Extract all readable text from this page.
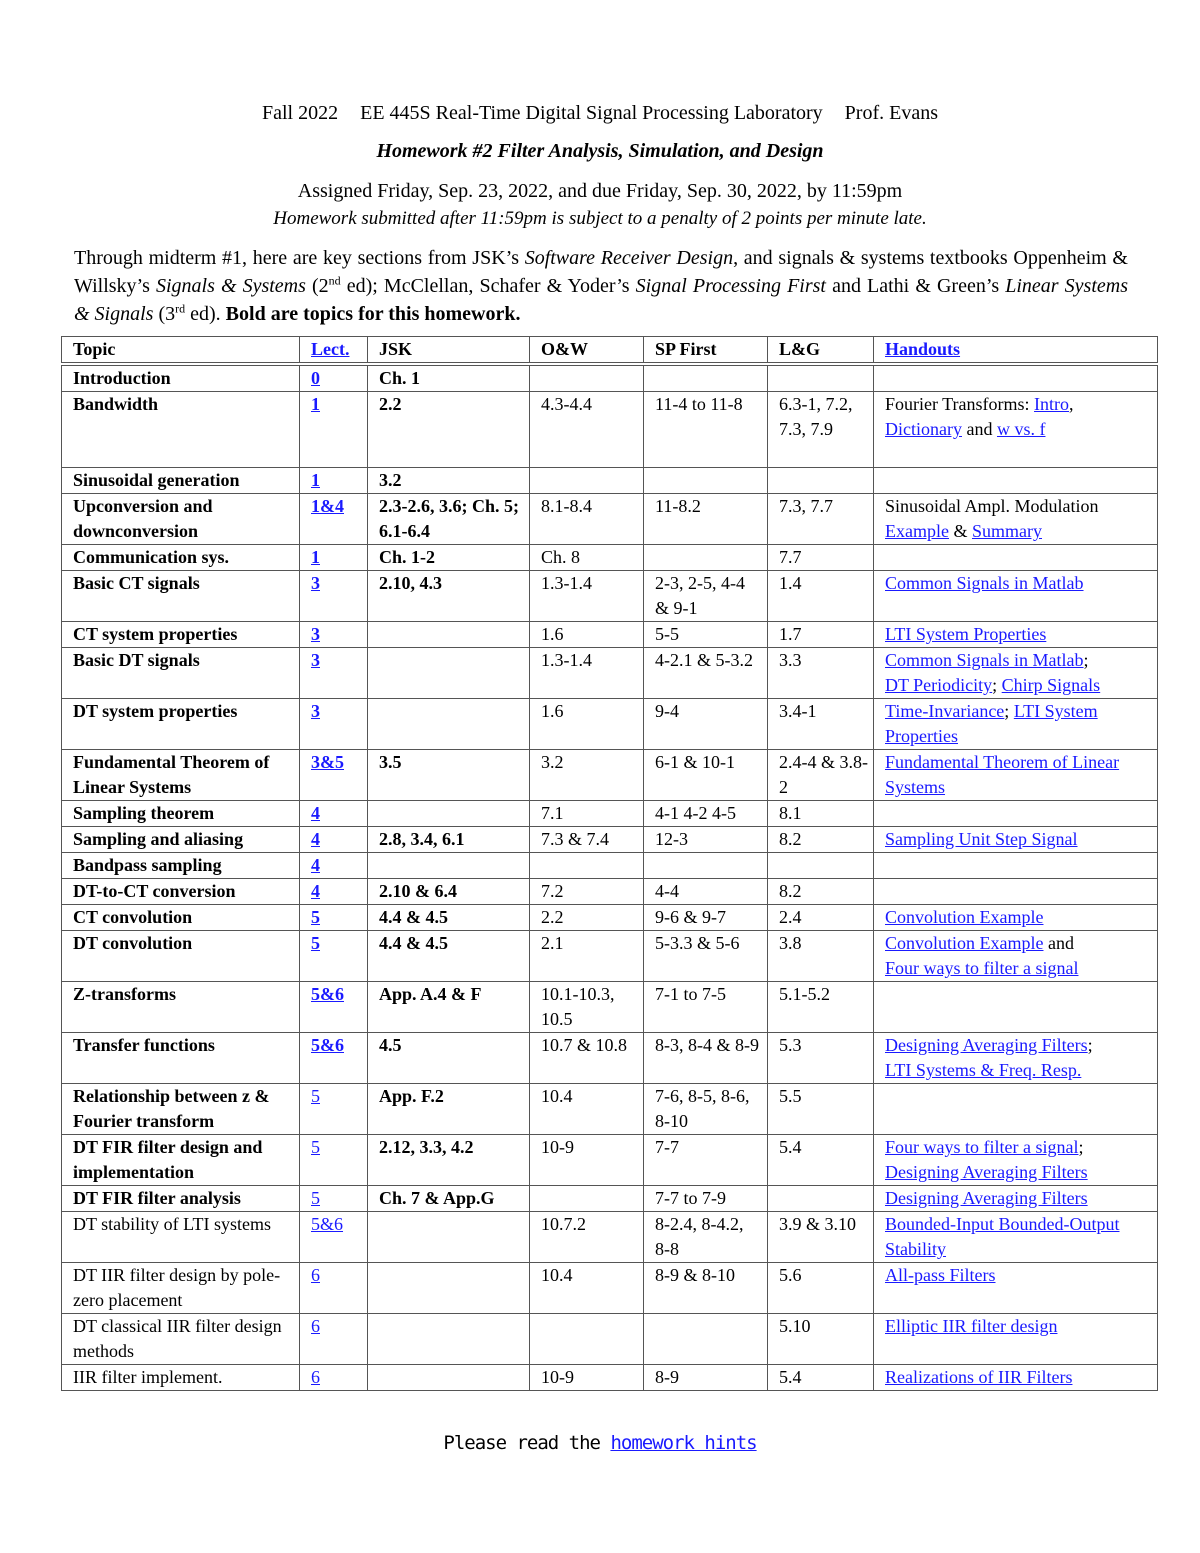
Fall 2022 EE 445S Real-Time Digital Signal Processing Laboratory Prof. Evans
Homework #2 Filter Analysis, Simulation, and Design
Assigned Friday, Sep. 23, 2022, and due Friday, Sep. 30, 2022, by 11:59pm
Homework submitted after 11:59pm is subject to a penalty of 2 points per minute late.

Through midterm #1, here are key sections from JSK’s Software Receiver Design, and signals & systems textbooks Oppenheim & Willsky’s Signals & Systems (2nd ed); McClellan, Schafer & Yoder’s Signal Processing First and Lathi & Green’s Linear Systems & Signals (3rd ed). Bold are topics for this homework.

Topic	Lect.	JSK	O&W	SP First	L&G	Handouts
Introduction	0	Ch. 1				
Bandwidth	1	2.2	4.3-4.4	11-4 to 11-8	6.3-1, 7.2, 7.3, 7.9	Fourier Transforms: Intro, Dictionary and w vs. f
Sinusoidal generation	1	3.2				
Upconversion and downconversion	1&4	2.3-2.6, 3.6; Ch. 5; 6.1-6.4	8.1-8.4	11-8.2	7.3, 7.7	Sinusoidal Ampl. Modulation
Example & Summary
Communication sys.	1	Ch. 1-2	Ch. 8		7.7	
Basic CT signals	3	2.10, 4.3	1.3-1.4	2-3, 2-5, 4-4 & 9-1	1.4	Common Signals in Matlab
CT system properties	3		1.6	5-5	1.7	LTI System Properties
Basic DT signals	3		1.3-1.4	4-2.1 & 5-3.2	3.3	Common Signals in Matlab;
DT Periodicity; Chirp Signals
DT system properties	3		1.6	9-4	3.4-1	Time-Invariance; LTI System Properties
Fundamental Theorem of Linear Systems	3&5	3.5	3.2	6-1 & 10-1	2.4-4 & 3.8-2	Fundamental Theorem of Linear Systems
Sampling theorem	4		7.1	4-1 4-2 4-5	8.1	
Sampling and aliasing	4	2.8, 3.4, 6.1	7.3 & 7.4	12-3	8.2	Sampling Unit Step Signal
Bandpass sampling	4					
DT-to-CT conversion	4	2.10 & 6.4	7.2	4-4	8.2	
CT convolution	5	4.4 & 4.5	2.2	9-6 & 9-7	2.4	Convolution Example
DT convolution	5	4.4 & 4.5	2.1	5-3.3 & 5-6	3.8	Convolution Example and
Four ways to filter a signal
Z-transforms	5&6	App. A.4 & F	10.1-10.3, 10.5	7-1 to 7-5	5.1-5.2	
Transfer functions	5&6	4.5	10.7 & 10.8	8-3, 8-4 & 8-9	5.3	Designing Averaging Filters;
LTI Systems & Freq. Resp.
Relationship between z & Fourier transform	5	App. F.2	10.4	7-6, 8-5, 8-6, 8-10	5.5	
DT FIR filter design and implementation	5	2.12, 3.3, 4.2	10-9	7-7	5.4	Four ways to filter a signal;
Designing Averaging Filters
DT FIR filter analysis	5	Ch. 7 & App.G		7-7 to 7-9		Designing Averaging Filters
DT stability of LTI systems	5&6		10.7.2	8-2.4, 8-4.2, 8-8	3.9 & 3.10	Bounded-Input Bounded-Output Stability
DT IIR filter design by pole-zero placement	6		10.4	8-9 & 8-10	5.6	All-pass Filters
DT classical IIR filter design methods	6				5.10	Elliptic IIR filter design
IIR filter implement.	6		10-9	8-9	5.4	Realizations of IIR Filters
Please read the homework hints
